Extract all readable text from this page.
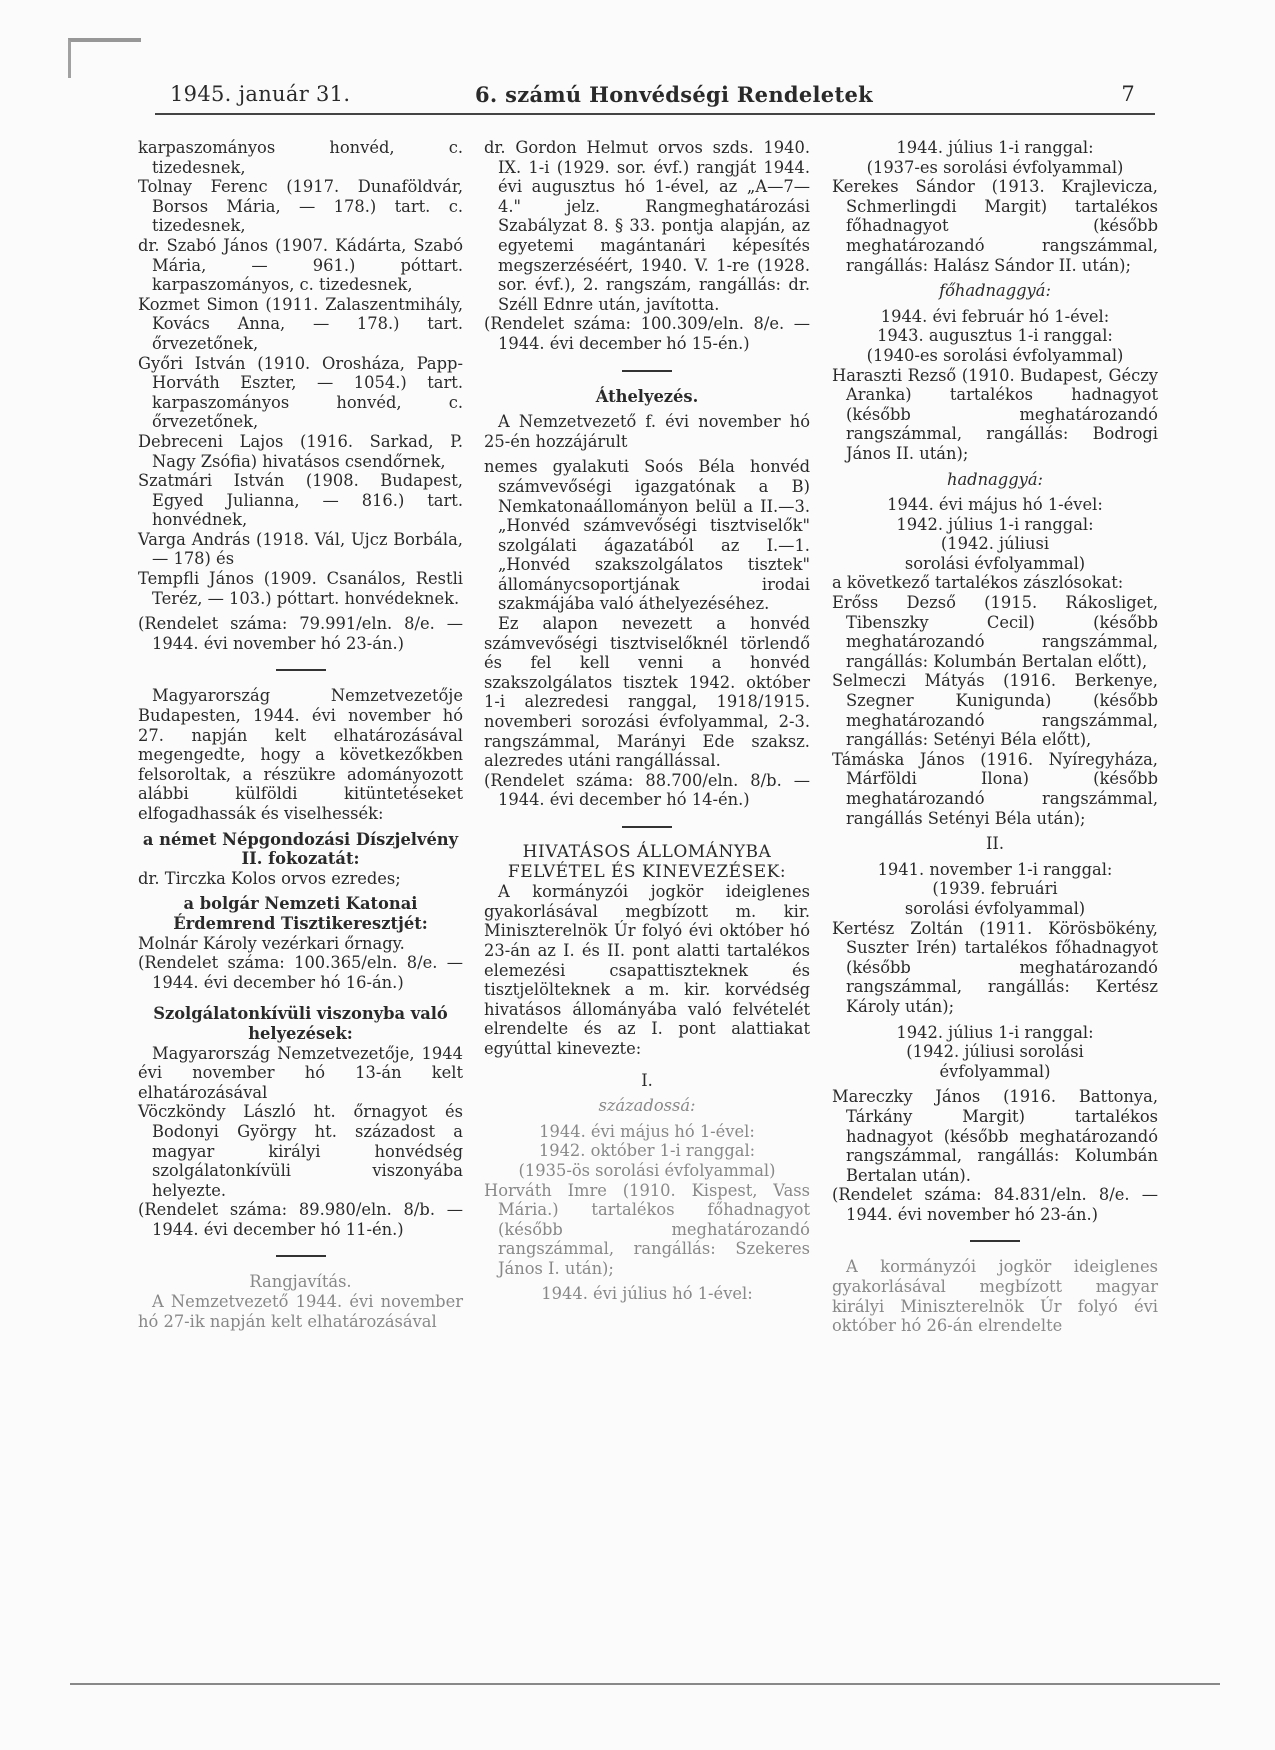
1945. január 31.	6. számú Honvédségi Rendeletek	7

karpaszományos honvéd, c. tizedesnek,

Tolnay Ferenc (1917. Dunaföldvár, Borsos Mária, — 178.) tart. c. tizedesnek,

dr. Szabó János (1907. Kádárta, Szabó Mária, — 961.) póttart. karpaszományos, c. tizedesnek,

Kozmet Simon (1911. Zalaszentmihály, Kovács Anna, — 178.) tart. őrvezetőnek,

Győri István (1910. Orosháza, Papp-Horváth Eszter, — 1054.) tart. karpaszományos honvéd, c. őrvezetőnek,

Debreceni Lajos (1916. Sarkad, P. Nagy Zsófia) hivatásos csendőrnek,

Szatmári István (1908. Budapest, Egyed Julianna, — 816.) tart. honvédnek,

Varga András (1918. Vál, Ujcz Borbála, — 178) és

Tempfli János (1909. Csanálos, Restli Teréz, — 103.) póttart. honvédeknek.

(Rendelet száma: 79.991/eln. 8/e. — 1944. évi november hó 23-án.)

Magyarország Nemzetvezetője Budapesten, 1944. évi november hó 27. napján kelt elhatározásával megengedte, hogy a következőkben felsoroltak, a részükre adományozott alábbi külföldi kitüntetéseket elfogadhassák és viselhessék:

a német Népgondozási Díszjelvény II. fokozatát:

dr. Tirczka Kolos orvos ezredes;

a bolgár Nemzeti Katonai Érdemrend Tisztikeresztjét:

Molnár Károly vezérkari őrnagy.

(Rendelet száma: 100.365/eln. 8/e. — 1944. évi december hó 16-án.)

Szolgálatonkívüli viszonyba való helyezések:

Magyarország Nemzetvezetője, 1944 évi november hó 13-án kelt elhatározásával

Vöczköndy László ht. őrnagyot és Bodonyi György ht. századost a magyar királyi honvédség szolgálatonkívüli viszonyába helyezte.

(Rendelet száma: 89.980/eln. 8/b. — 1944. évi december hó 11-én.)

Rangjavítás.

A Nemzetvezető 1944. évi november hó 27-ik napján kelt elhatározásával

dr. Gordon Helmut orvos szds. 1940. IX. 1-i (1929. sor. évf.) rangját 1944. évi augusztus hó 1-ével, az „A—7—4." jelz. Rangmeghatározási Szabályzat 8. § 33. pontja alapján, az egyetemi magántanári képesítés megszerzéséért, 1940. V. 1-re (1928. sor. évf.), 2. rangszám, rangállás: dr. Széll Ednre után, javította.

(Rendelet száma: 100.309/eln. 8/e. — 1944. évi december hó 15-én.)

Áthelyezés.

A Nemzetvezető f. évi november hó 25-én hozzájárult

nemes gyalakuti Soós Béla honvéd számvevőségi igazgatónak a B) Nemkatonaállományon belül a II.—3. „Honvéd számvevőségi tisztviselők" szolgálati ágazatából az I.—1. „Honvéd szakszolgálatos tisztek" állománycsoportjának irodai szakmájába való áthelyezéséhez.

Ez alapon nevezett a honvéd számvevőségi tisztviselőknél törlendő és fel kell venni a honvéd szakszolgálatos tisztek 1942. október 1-i alezredesi ranggal, 1918/1915. novemberi sorozási évfolyammal, 2-3. rangszámmal, Marányi Ede szaksz. alezredes utáni rangállással.

(Rendelet száma: 88.700/eln. 8/b. — 1944. évi december hó 14-én.)

HIVATÁSOS ÁLLOMÁNYBA FELVÉTEL ÉS KINEVEZÉSEK:

A kormányzói jogkör ideiglenes gyakorlásával megbízott m. kir. Miniszterelnök Úr folyó évi október hó 23-án az I. és II. pont alatti tartalékos elemezési csapattiszteknek és tisztjelölteknek a m. kir. korvédség hivatásos állományába való felvételét elrendelte és az I. pont alattiakat egyúttal kinevezte:

I.

századossá:

1944. évi május hó 1-ével:

1942. október 1-i ranggal:

(1935-ös sorolási évfolyammal)

Horváth Imre (1910. Kispest, Vass Mária.) tartalékos főhadnagyot (később meghatározandó rangszámmal, rangállás: Szekeres János I. után);

1944. évi július hó 1-ével:

1944. július 1-i ranggal:

(1937-es sorolási évfolyammal)

Kerekes Sándor (1913. Krajlevicza, Schmerlingdi Margit) tartalékos főhadnagyot (később meghatározandó rangszámmal, rangállás: Halász Sándor II. után);

főhadnaggyá:

1944. évi február hó 1-ével:

1943. augusztus 1-i ranggal:

(1940-es sorolási évfolyammal)

Haraszti Rezső (1910. Budapest, Géczy Aranka) tartalékos hadnagyot (később meghatározandó rangszámmal, rangállás: Bodrogi János II. után);

hadnaggyá:

1944. évi május hó 1-ével:

1942. július 1-i ranggal:

(1942. júliusi

sorolási évfolyammal)

a következő tartalékos zászlósokat:

Erőss Dezső (1915. Rákosliget, Tibenszky Cecil) (később meghatározandó rangszámmal, rangállás: Kolumbán Bertalan előtt),

Selmeczi Mátyás (1916. Berkenye, Szegner Kunigunda) (később meghatározandó rangszámmal, rangállás: Setényi Béla előtt),

Támáska János (1916. Nyíregyháza, Márföldi Ilona) (később meghatározandó rangszámmal, rangállás Setényi Béla után);

II.

1941. november 1-i ranggal:

(1939. februári

sorolási évfolyammal)

Kertész Zoltán (1911. Körösbökény, Suszter Irén) tartalékos főhadnagyot (később meghatározandó rangszámmal, rangállás: Kertész Károly után);

1942. július 1-i ranggal:

(1942. júliusi sorolási

évfolyammal)

Mareczky János (1916. Battonya, Tárkány Margit) tartalékos hadnagyot (később meghatározandó rangszámmal, rangállás: Kolumbán Bertalan után).

(Rendelet száma: 84.831/eln. 8/e. — 1944. évi november hó 23-án.)

A kormányzói jogkör ideiglenes gyakorlásával megbízott magyar királyi Miniszterelnök Úr folyó évi október hó 26-án elrendelte
